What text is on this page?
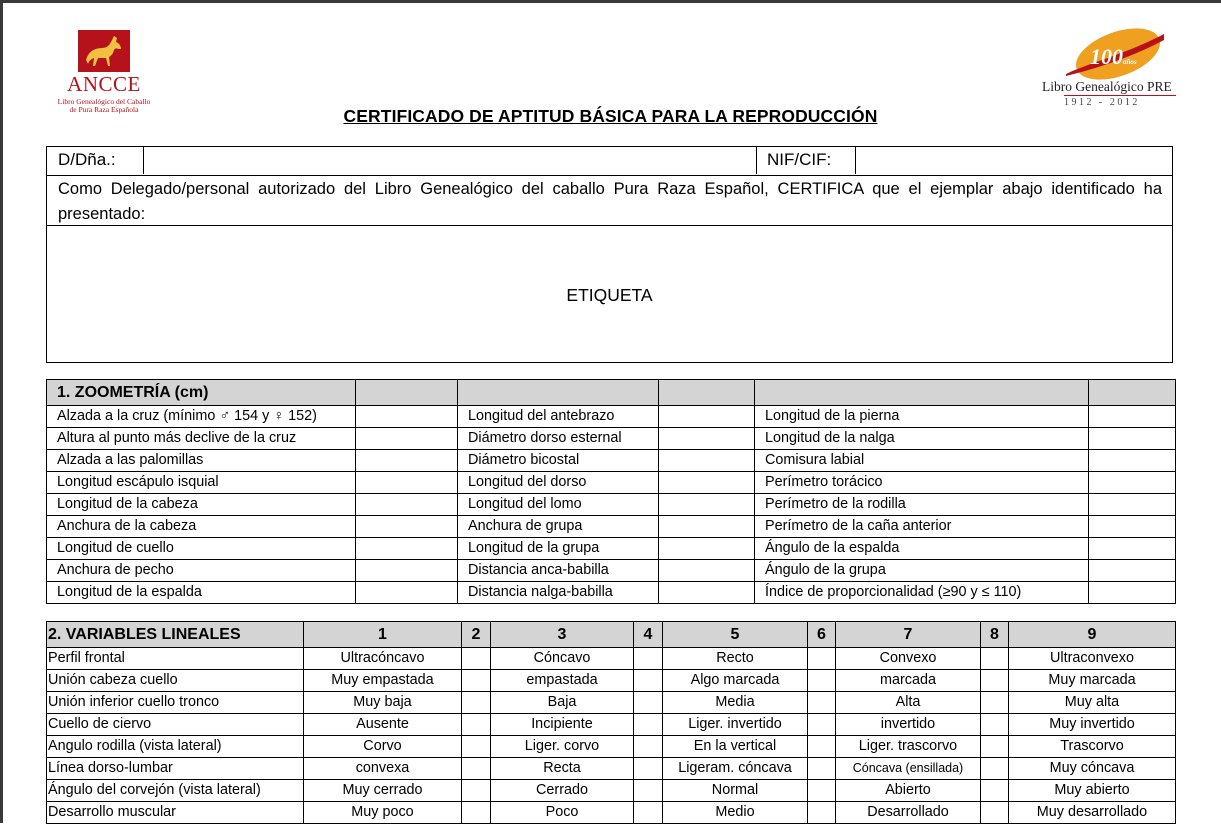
ANCCE
Libro Genealógico del Caballo
de Pura Raza Española
100años
Libro Genealógico PRE
1912 - 2012
CERTIFICADO DE APTITUD BÁSICA PARA LA REPRODUCCIÓN
D/Dña.:	NIF/CIF:
Como Delegado/personal autorizado del Libro Genealógico del caballo Pura Raza Español, CERTIFICA que el ejemplar abajo identificado ha presentado:
ETIQUETA
1. ZOOMETRÍA (cm)					
Alzada a la cruz (mínimo ♂ 154 y ♀ 152)		Longitud del antebrazo		Longitud de la pierna	
Altura al punto más declive de la cruz		Diámetro dorso esternal		Longitud de la nalga	
Alzada a las palomillas		Diámetro bicostal		Comisura labial	
Longitud escápulo isquial		Longitud del dorso		Perímetro torácico	
Longitud de la cabeza		Longitud del lomo		Perímetro de la rodilla	
Anchura de la cabeza		Anchura de grupa		Perímetro de la caña anterior	
Longitud de cuello		Longitud de la grupa		Ángulo de la espalda	
Anchura de pecho		Distancia anca-babilla		Ángulo de la grupa	
Longitud de la espalda		Distancia nalga-babilla		Índice de proporcionalidad (≥90 y ≤ 110)	
2. VARIABLES LINEALES	1	2	3	4	5	6	7	8	9
Perfil frontal	Ultracóncavo		Cóncavo		Recto		Convexo		Ultraconvexo
Unión cabeza cuello	Muy empastada		empastada		Algo marcada		marcada		Muy marcada
Unión inferior cuello tronco	Muy baja		Baja		Media		Alta		Muy alta
Cuello de ciervo	Ausente		Incipiente		Liger. invertido		invertido		Muy invertido
Angulo rodilla (vista lateral)	Corvo		Liger. corvo		En la vertical		Liger. trascorvo		Trascorvo
Línea dorso-lumbar	convexa		Recta		Ligeram. cóncava		Cóncava (ensillada)		Muy cóncava
Ángulo del corvejón (vista lateral)	Muy cerrado		Cerrado		Normal		Abierto		Muy abierto
Desarrollo muscular	Muy poco		Poco		Medio		Desarrollado		Muy desarrollado
